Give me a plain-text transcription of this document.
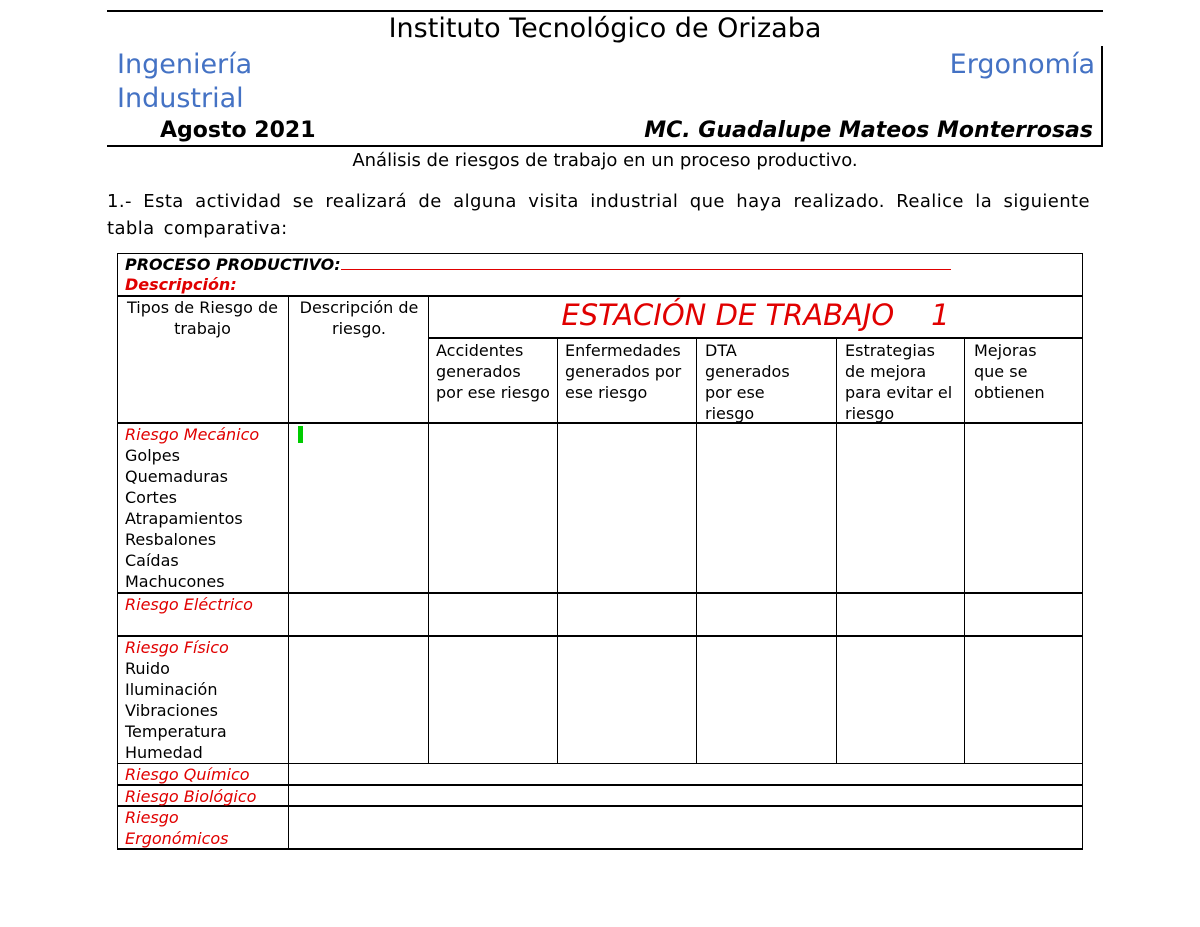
Instituto Tecnológico de Orizaba
Ingeniería
Industrial
Ergonomía
Agosto 2021	MC. Guadalupe Mateos Monterrosas
Análisis de riesgos de trabajo en un proceso productivo.
1.- Esta actividad se realizará de alguna visita industrial que haya realizado. Realice la siguiente tabla comparativa:
PROCESO PRODUCTIVO:
Descripción:
Tipos de Riesgo de trabajo
Descripción de riesgo.	ESTACIÓN DE TRABAJO    1
Accidentes generados por ese riesgo
Enfermedades generados por ese riesgo
DTA generados por ese riesgo
Estrategias de mejora para evitar el riesgo
Mejoras que se obtienen
Riesgo Mecánico
Golpes
Quemaduras
Cortes
Atrapamientos
Resbalones
Caídas
Machucones
Riesgo Eléctrico
Riesgo Físico
Ruido
Iluminación
Vibraciones
Temperatura
Humedad
Riesgo Químico
Riesgo Biológico
Riesgo Ergonómicos
